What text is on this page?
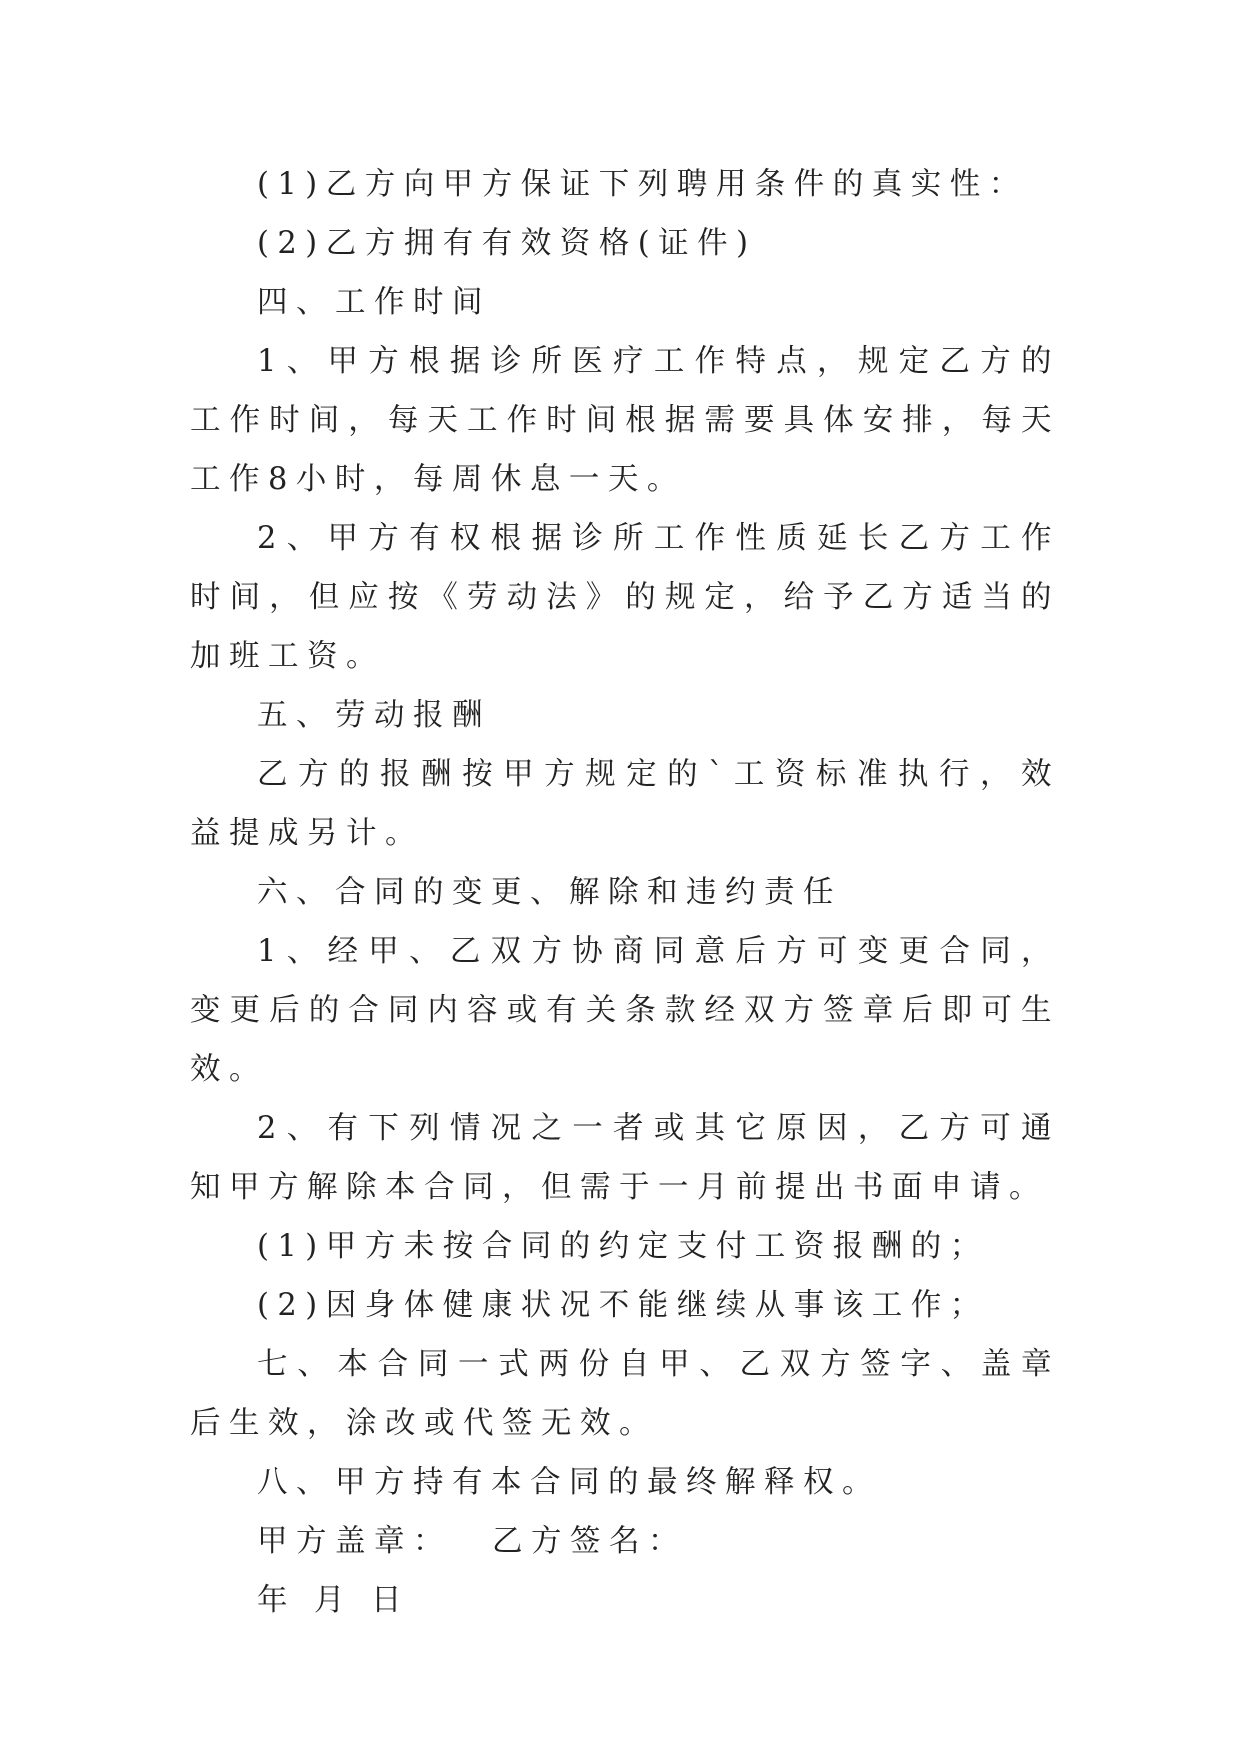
(1)乙方向甲方保证下列聘用条件的真实性：

(2)乙方拥有有效资格(证件)

四、工作时间

1、甲方根据诊所医疗工作特点，规定乙方的工作时间，每天工作时间根据需要具体安排，每天工作8小时，每周休息一天。

2、甲方有权根据诊所工作性质延长乙方工作时间，但应按《劳动法》的规定，给予乙方适当的加班工资。

五、劳动报酬

乙方的报酬按甲方规定的`工资标准执行，效益提成另计。

六、合同的变更、解除和违约责任

1、经甲、乙双方协商同意后方可变更合同，变更后的合同内容或有关条款经双方签章后即可生效。

2、有下列情况之一者或其它原因，乙方可通知甲方解除本合同，但需于一月前提出书面申请。

(1)甲方未按合同的约定支付工资报酬的；

(2)因身体健康状况不能继续从事该工作；

七、本合同一式两份自甲、乙双方签字、盖章后生效，涂改或代签无效。

八、甲方持有本合同的最终解释权。

甲方盖章： 乙方签名：

年 月 日
